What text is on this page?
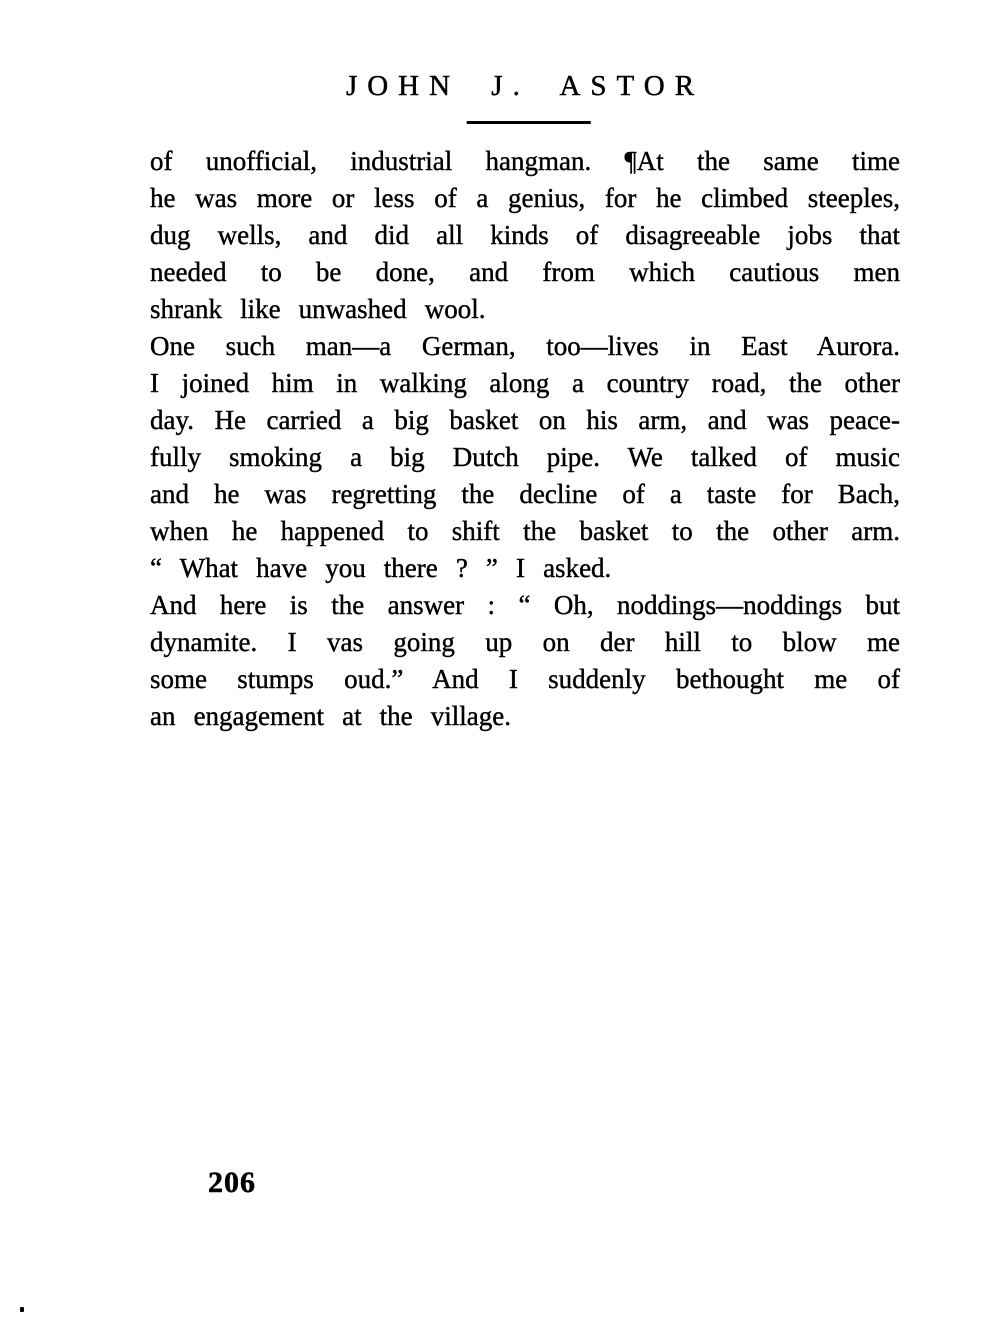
JOHN J. ASTOR
of unofficial, industrial hangman. ¶At the same time
he was more or less of a genius, for he climbed steeples,
dug wells, and did all kinds of disagreeable jobs that
needed to be done, and from which cautious men
shrank like unwashed wool.
One such man—a German, too—lives in East Aurora.
I joined him in walking along a country road, the other
day. He carried a big basket on his arm, and was peace-
fully smoking a big Dutch pipe. We talked of music
and he was regretting the decline of a taste for Bach,
when he happened to shift the basket to the other arm.
“ What have you there ? ” I asked.
And here is the answer : “ Oh, noddings—noddings but
dynamite. I vas going up on der hill to blow me
some stumps oud.” And I suddenly bethought me of
an engagement at the village.
206
